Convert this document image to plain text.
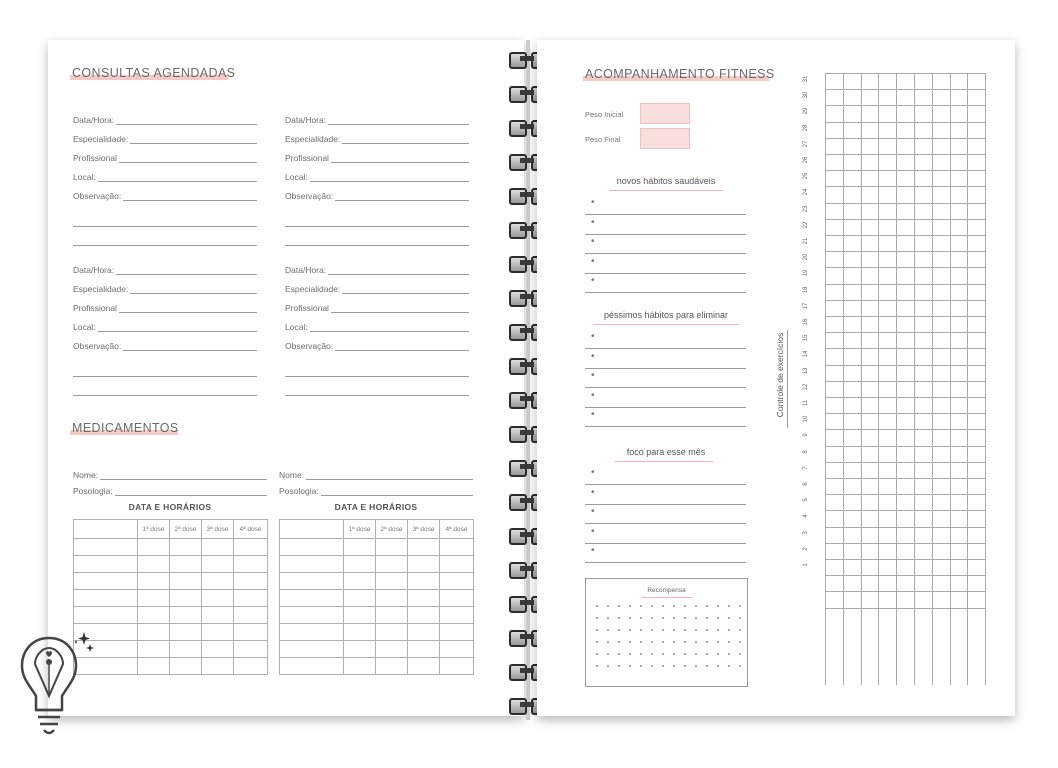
CONSULTAS AGENDADAS
Data/Hora:
Especialidade:
Profissional
Local:
Observação:
Data/Hora:
Especialidade:
Profissional
Local:
Observação:
Data/Hora:
Especialidade:
Profissional
Local:
Observação:
Data/Hora:
Especialidade:
Profissional
Local:
Observação:
MEDICAMENTOS
Nome:
Posologia:
DATA E HORÁRIOS
	1ª dose	2ª dose	3ª dose	4ª dose

Nome:
Posologia:
DATA E HORÁRIOS
	1ª dose	2ª dose	3ª dose	4ª dose

ACOMPANHAMENTO FITNESS
Peso Inicial
Peso Final
novos hábitos saudáveis
•
•
•
•
•
péssimos hábitos para eliminar
•
•
•
•
•
foco para esse mês
•
•
•
•
•
Recompensa
Controle de exercícios
31
30
29
28
27
26
25
24
23
22
21
20
19
18
17
16
15
14
13
12
11
10
9
8
7
6
5
4
3
2
1
